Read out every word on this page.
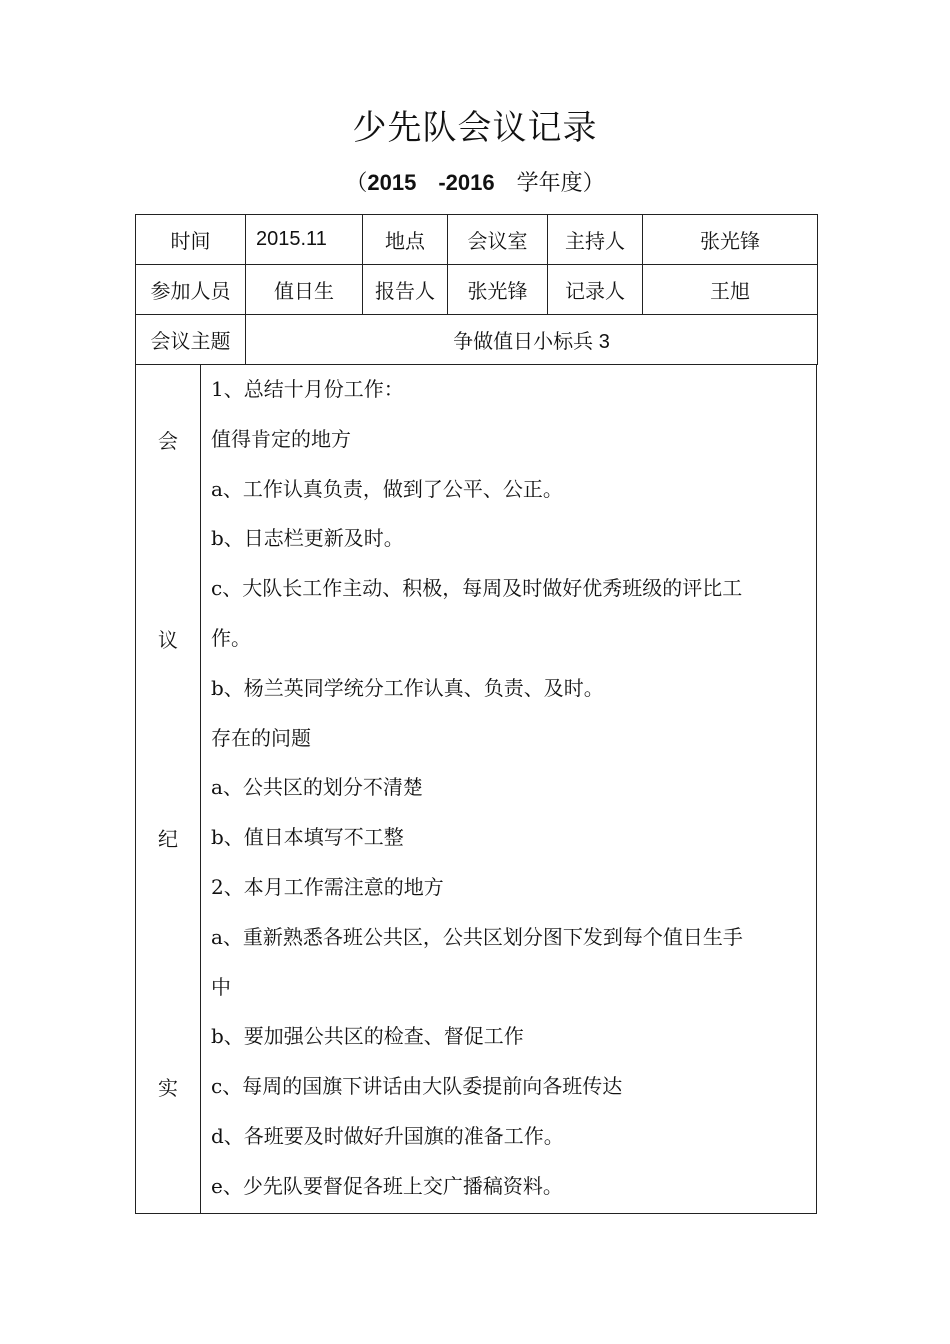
少先队会议记录
（2015 -2016 学年度）
时间	2015.11	地点	会议室	主持人	张光锋
参加人员	值日生	报告人	张光锋	记录人	王旭
会议主题	争做值日小标兵 3				
会
议
纪
实
1、总结十月份工作：
值得肯定的地方
a、工作认真负责，做到了公平、公正。
b、日志栏更新及时。
c、大队长工作主动、积极，每周及时做好优秀班级的评比工
作。
b、杨兰英同学统分工作认真、负责、及时。
存在的问题
a、公共区的划分不清楚
b、值日本填写不工整
2、本月工作需注意的地方
a、重新熟悉各班公共区，公共区划分图下发到每个值日生手
中
b、要加强公共区的检查、督促工作
c、每周的国旗下讲话由大队委提前向各班传达
d、各班要及时做好升国旗的准备工作。
e、少先队要督促各班上交广播稿资料。
